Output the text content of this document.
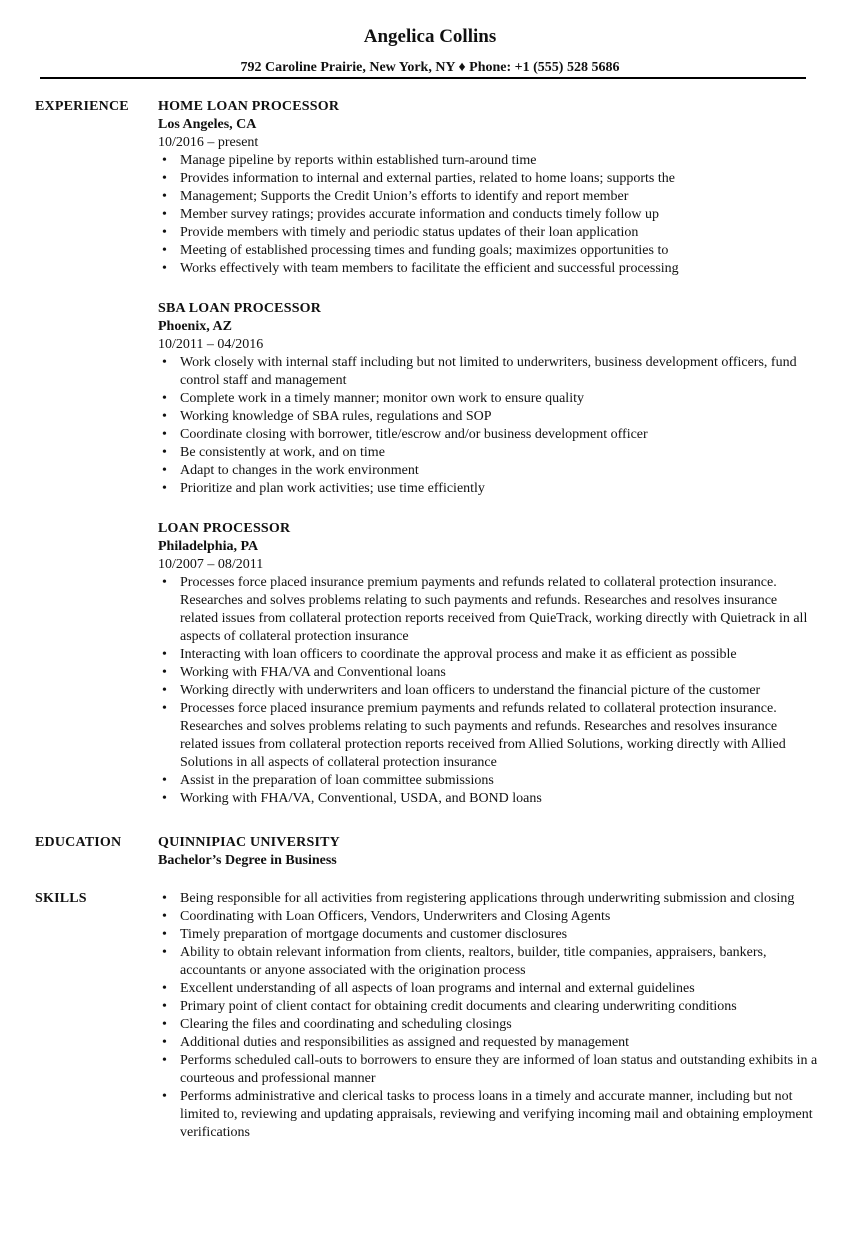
Angelica Collins
792 Caroline Prairie, New York, NY ♦ Phone: +1 (555) 528 5686
EXPERIENCE HOME LOAN PROCESSOR
Los Angeles, CA
10/2016 – present
• Manage pipeline by reports within established turn-around time
• Provides information to internal and external parties, related to home loans; supports the
• Management; Supports the Credit Union’s efforts to identify and report member
• Member survey ratings; provides accurate information and conducts timely follow up
• Provide members with timely and periodic status updates of their loan application
• Meeting of established processing times and funding goals; maximizes opportunities to
• Works effectively with team members to facilitate the efficient and successful processing
SBA LOAN PROCESSOR
Phoenix, AZ
10/2011 – 04/2016
• Work closely with internal staff including but not limited to underwriters, business development officers, fund control staff and management
• Complete work in a timely manner; monitor own work to ensure quality
• Working knowledge of SBA rules, regulations and SOP
• Coordinate closing with borrower, title/escrow and/or business development officer
• Be consistently at work, and on time
• Adapt to changes in the work environment
• Prioritize and plan work activities; use time efficiently
LOAN PROCESSOR
Philadelphia, PA
10/2007 – 08/2011
• Processes force placed insurance premium payments and refunds related to collateral protection insurance. Researches and solves problems relating to such payments and refunds. Researches and resolves insurance related issues from collateral protection reports received from QuieTrack, working directly with Quietrack in all aspects of collateral protection insurance
• Interacting with loan officers to coordinate the approval process and make it as efficient as possible
• Working with FHA/VA and Conventional loans
• Working directly with underwriters and loan officers to understand the financial picture of the customer
• Processes force placed insurance premium payments and refunds related to collateral protection insurance. Researches and solves problems relating to such payments and refunds. Researches and resolves insurance related issues from collateral protection reports received from Allied Solutions, working directly with Allied Solutions in all aspects of collateral protection insurance
• Assist in the preparation of loan committee submissions
• Working with FHA/VA, Conventional, USDA, and BOND loans
EDUCATION	QUINNIPIAC UNIVERSITY
Bachelor’s Degree in Business
SKILLS
•	Being responsible for all activities from registering applications through underwriting submission and closing
• Coordinating with Loan Officers, Vendors, Underwriters and Closing Agents
• Timely preparation of mortgage documents and customer disclosures
• Ability to obtain relevant information from clients, realtors, builder, title companies, appraisers, bankers, accountants or anyone associated with the origination process
• Excellent understanding of all aspects of loan programs and internal and external guidelines
• Primary point of client contact for obtaining credit documents and clearing underwriting conditions
• Clearing the files and coordinating and scheduling closings
• Additional duties and responsibilities as assigned and requested by management
• Performs scheduled call-outs to borrowers to ensure they are informed of loan status and outstanding exhibits in a courteous and professional manner
• Performs administrative and clerical tasks to process loans in a timely and accurate manner, including but not limited to, reviewing and updating appraisals, reviewing and verifying incoming mail and obtaining employment verifications
